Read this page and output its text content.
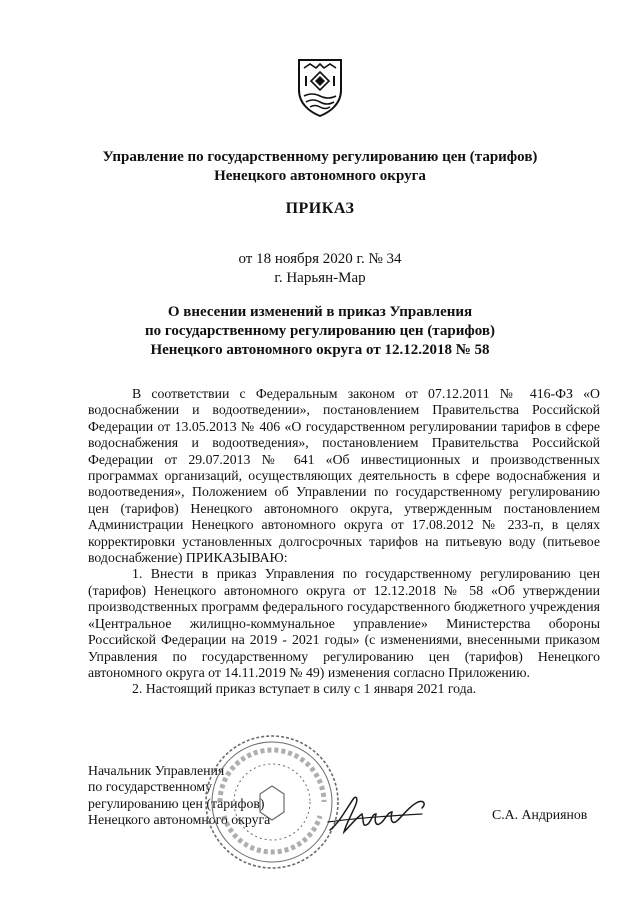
Управление по государственному регулированию цен (тарифов)
Ненецкого автономного округа
ПРИКАЗ
от 18 ноября 2020 г. № 34
г. Нарьян-Мар
О внесении изменений в приказ Управления
по государственному регулированию цен (тарифов)
Ненецкого автономного округа от 12.12.2018 № 58

В соответствии с Федеральным законом от 07.12.2011 № 416-ФЗ «О водоснабжении и водоотведении», постановлением Правительства Российской Федерации от 13.05.2013 № 406 «О государственном регулировании тарифов в сфере водоснабжения и водоотведения», постановлением Правительства Российской Федерации от 29.07.2013 № 641 «Об инвестиционных и производственных программах организаций, осуществляющих деятельность в сфере водоснабжения и водоотведения», Положением об Управлении по государственному регулированию цен (тарифов) Ненецкого автономного округа, утвержденным постановлением Администрации Ненецкого автономного округа от 17.08.2012 № 233-п, в целях корректировки установленных долгосрочных тарифов на питьевую воду (питьевое водоснабжение) ПРИКАЗЫВАЮ:

1. Внести в приказ Управления по государственному регулированию цен (тарифов) Ненецкого автономного округа от 12.12.2018 № 58 «Об утверждении производственных программ федерального государственного бюджетного учреждения «Центральное жилищно-коммунальное управление» Министерства обороны Российской Федерации на 2019 - 2021 годы» (с изменениями, внесенными приказом Управления по государственному регулированию цен (тарифов) Ненецкого автономного округа от 14.11.2019 № 49) изменения согласно Приложению.

2. Настоящий приказ вступает в силу с 1 января 2021 года.

Начальник Управления
по государственному
регулированию цен (тарифов)
Ненецкого автономного округа	С.А. Андриянов
